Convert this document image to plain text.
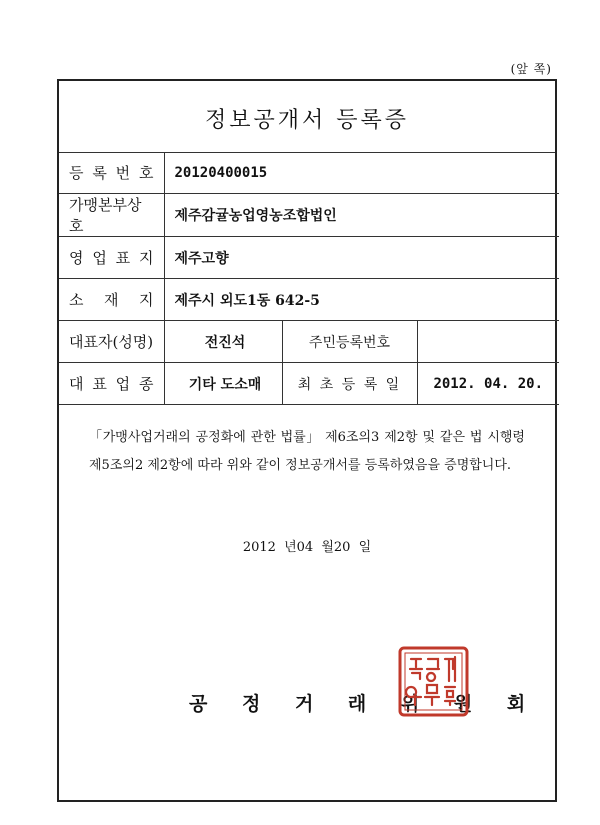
(앞 쪽)
정보공개서 등록증
등 록 번 호	20120400015		
가맹본부상호	제주감귤농업영농조합법인		
영 업 표 지	제주고향		
소 재 지	제주시 외도1동 642-5		
대표자(성명)	전진석	주민등록번호	
대 표 업 종	기타 도소매	최 초 등 록 일	2012. 04. 20.
「가맹사업거래의 공정화에 관한 법률」 제6조의3 제2항 및 같은 법 시행령 제5조의2 제2항에 따라 위와 같이 정보공개서를 등록하였음을 증명합니다.
2012 년04 월20 일
공 정 거 래 위 원 회
